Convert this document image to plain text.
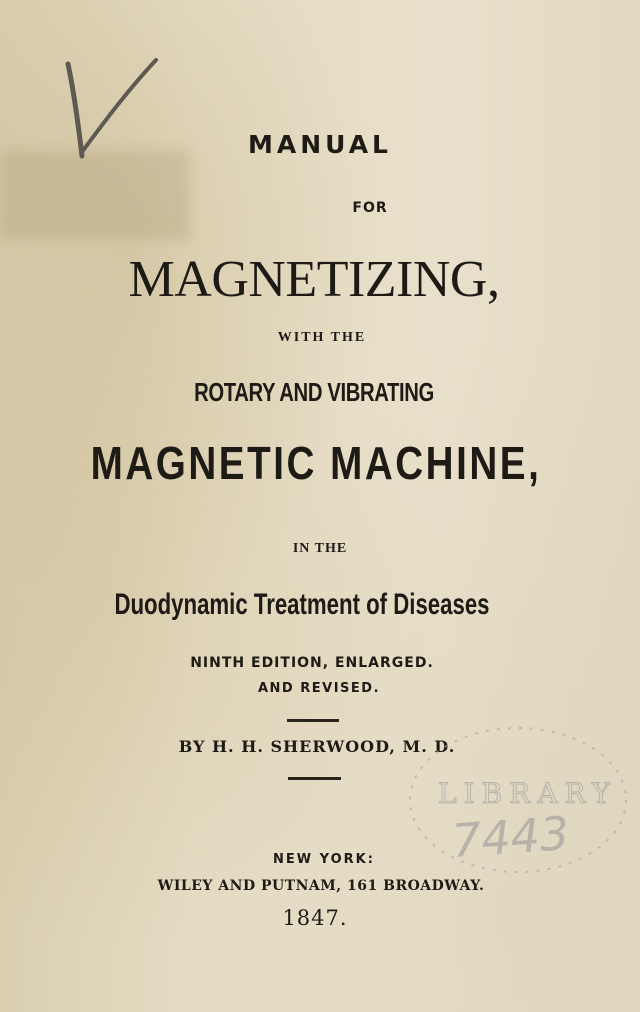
MANUAL
FOR
MAGNETIZING,
WITH THE
ROTARY AND VIBRATING
MAGNETIC MACHINE,
IN THE
Duodynamic Treatment of Diseases
NINTH EDITION, ENLARGED.
AND REVISED.
BY H. H. SHERWOOD, M. D.
LIBRARY
7443
NEW YORK:
WILEY AND PUTNAM, 161 BROADWAY.
1847.
